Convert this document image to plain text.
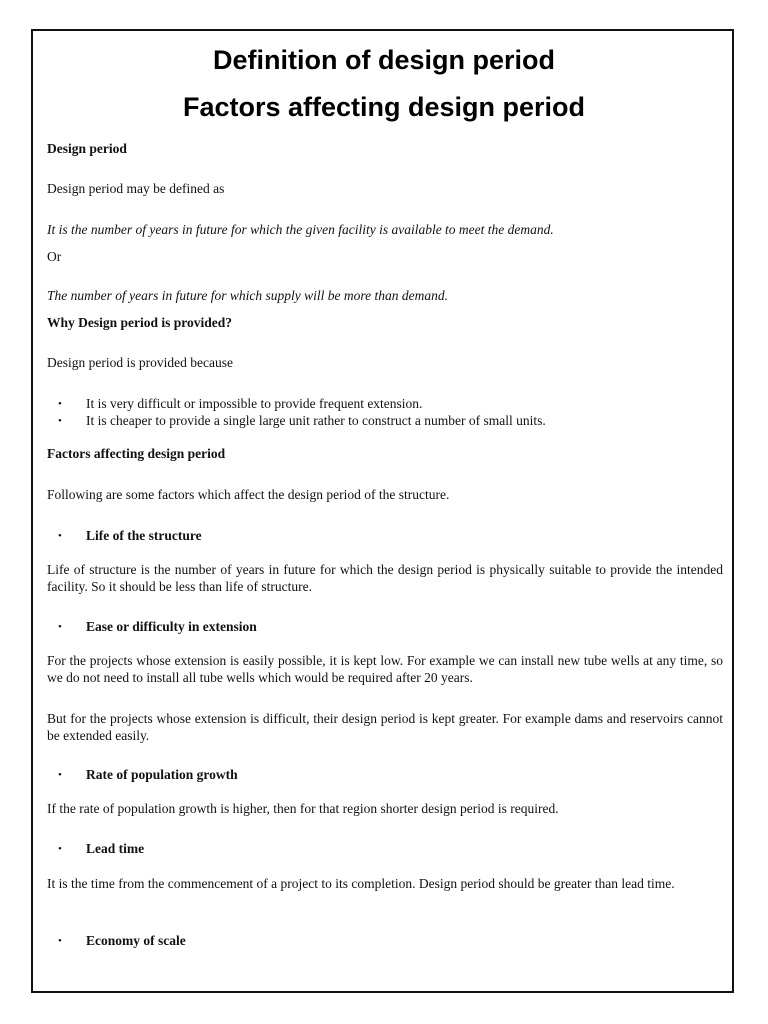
Definition of design period
Factors affecting design period

Design period

Design period may be defined as

It is the number of years in future for which the given facility is available to meet the demand.

Or

The number of years in future for which supply will be more than demand.

Why Design period is provided?

Design period is provided because

• It is very difficult or impossible to provide frequent extension.

• It is cheaper to provide a single large unit rather to construct a number of small units.

Factors affecting design period

Following are some factors which affect the design period of the structure.

• Life of the structure

Life of structure is the number of years in future for which the design period is physically suitable to provide the intended facility. So it should be less than life of structure.

• Ease or difficulty in extension

For the projects whose extension is easily possible, it is kept low. For example we can install new tube wells at any time, so we do not need to install all tube wells which would be required after 20 years.

But for the projects whose extension is difficult, their design period is kept greater. For example dams and reservoirs cannot be extended easily.

• Rate of population growth

If the rate of population growth is higher, then for that region shorter design period is required.

• Lead time

It is the time from the commencement of a project to its completion. Design period should be greater than lead time.

• Economy of scale
